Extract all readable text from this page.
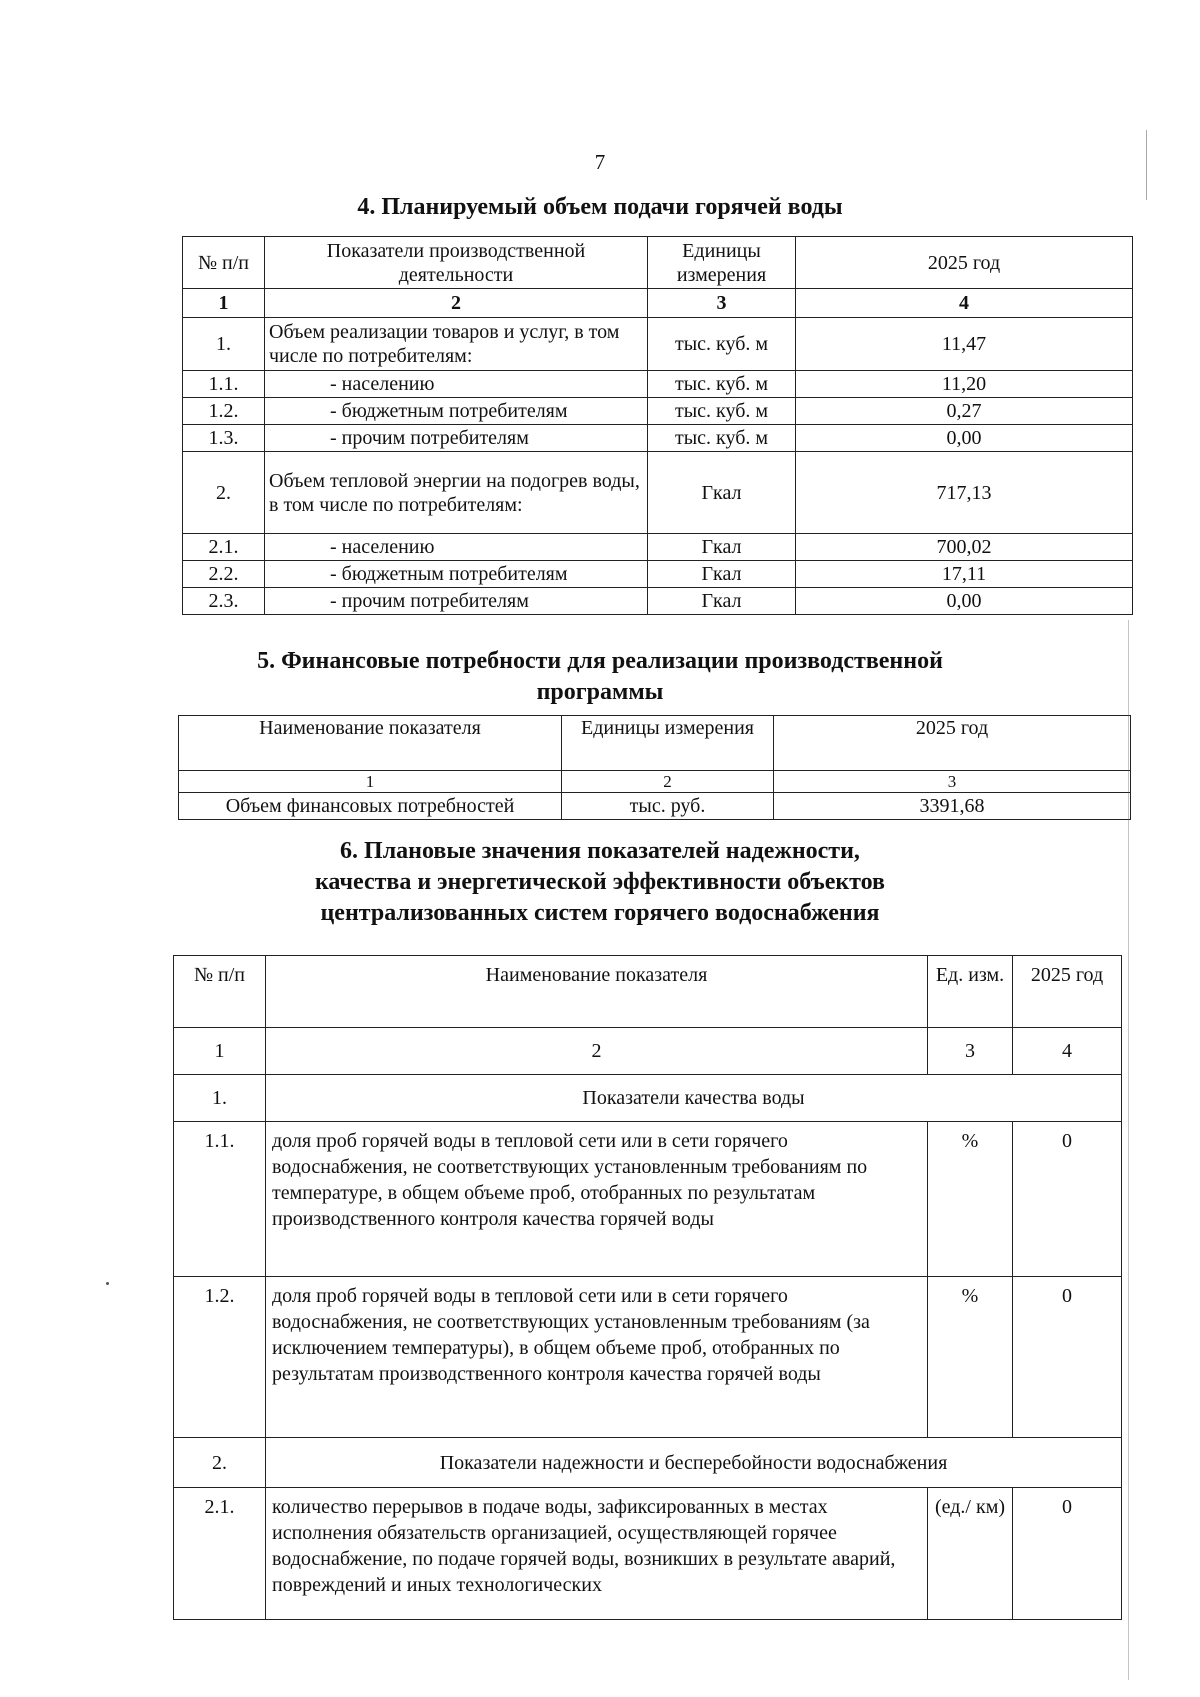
7
4. Планируемый объем подачи горячей воды
№ п/п	Показатели производственной деятельности	Единицы измерения	2025 год
1	2	3	4
1.	Объем реализации товаров и услуг, в том числе по потребителям:	тыс. куб. м	11,47
1.1.	- населению	тыс. куб. м	11,20
1.2.	- бюджетным потребителям	тыс. куб. м	0,27
1.3.	- прочим потребителям	тыс. куб. м	0,00
2.	Объем тепловой энергии на подогрев воды, в том числе по потребителям:	Гкал	717,13
2.1.	- населению	Гкал	700,02
2.2.	- бюджетным потребителям	Гкал	17,11
2.3.	- прочим потребителям	Гкал	0,00
5. Финансовые потребности для реализации производственной
программы
Наименование показателя	Единицы измерения	2025 год
1	2	3
Объем финансовых потребностей	тыс. руб.	3391,68
6. Плановые значения показателей надежности,
качества и энергетической эффективности объектов
централизованных систем горячего водоснабжения
№ п/п	Наименование показателя	Ед. изм.	2025 год
1	2	3	4
1.	Показатели качества воды		
1.1.	доля проб горячей воды в тепловой сети или в сети горячего водоснабжения, не соответствующих установленным требованиям по температуре, в общем объеме проб, отобранных по результатам производственного контроля качества горячей воды	%	0
1.2.	доля проб горячей воды в тепловой сети или в сети горячего водоснабжения, не соответствующих установленным требованиям (за исключением температуры), в общем объеме проб, отобранных по результатам производственного контроля качества горячей воды	%	0
2.	Показатели надежности и бесперебойности водоснабжения		
2.1.	количество перерывов в подаче воды, зафиксированных в местах исполнения обязательств организацией, осуществляющей горячее водоснабжение, по подаче горячей воды, возникших в результате аварий, повреждений и иных технологических	(ед./ км)	0
